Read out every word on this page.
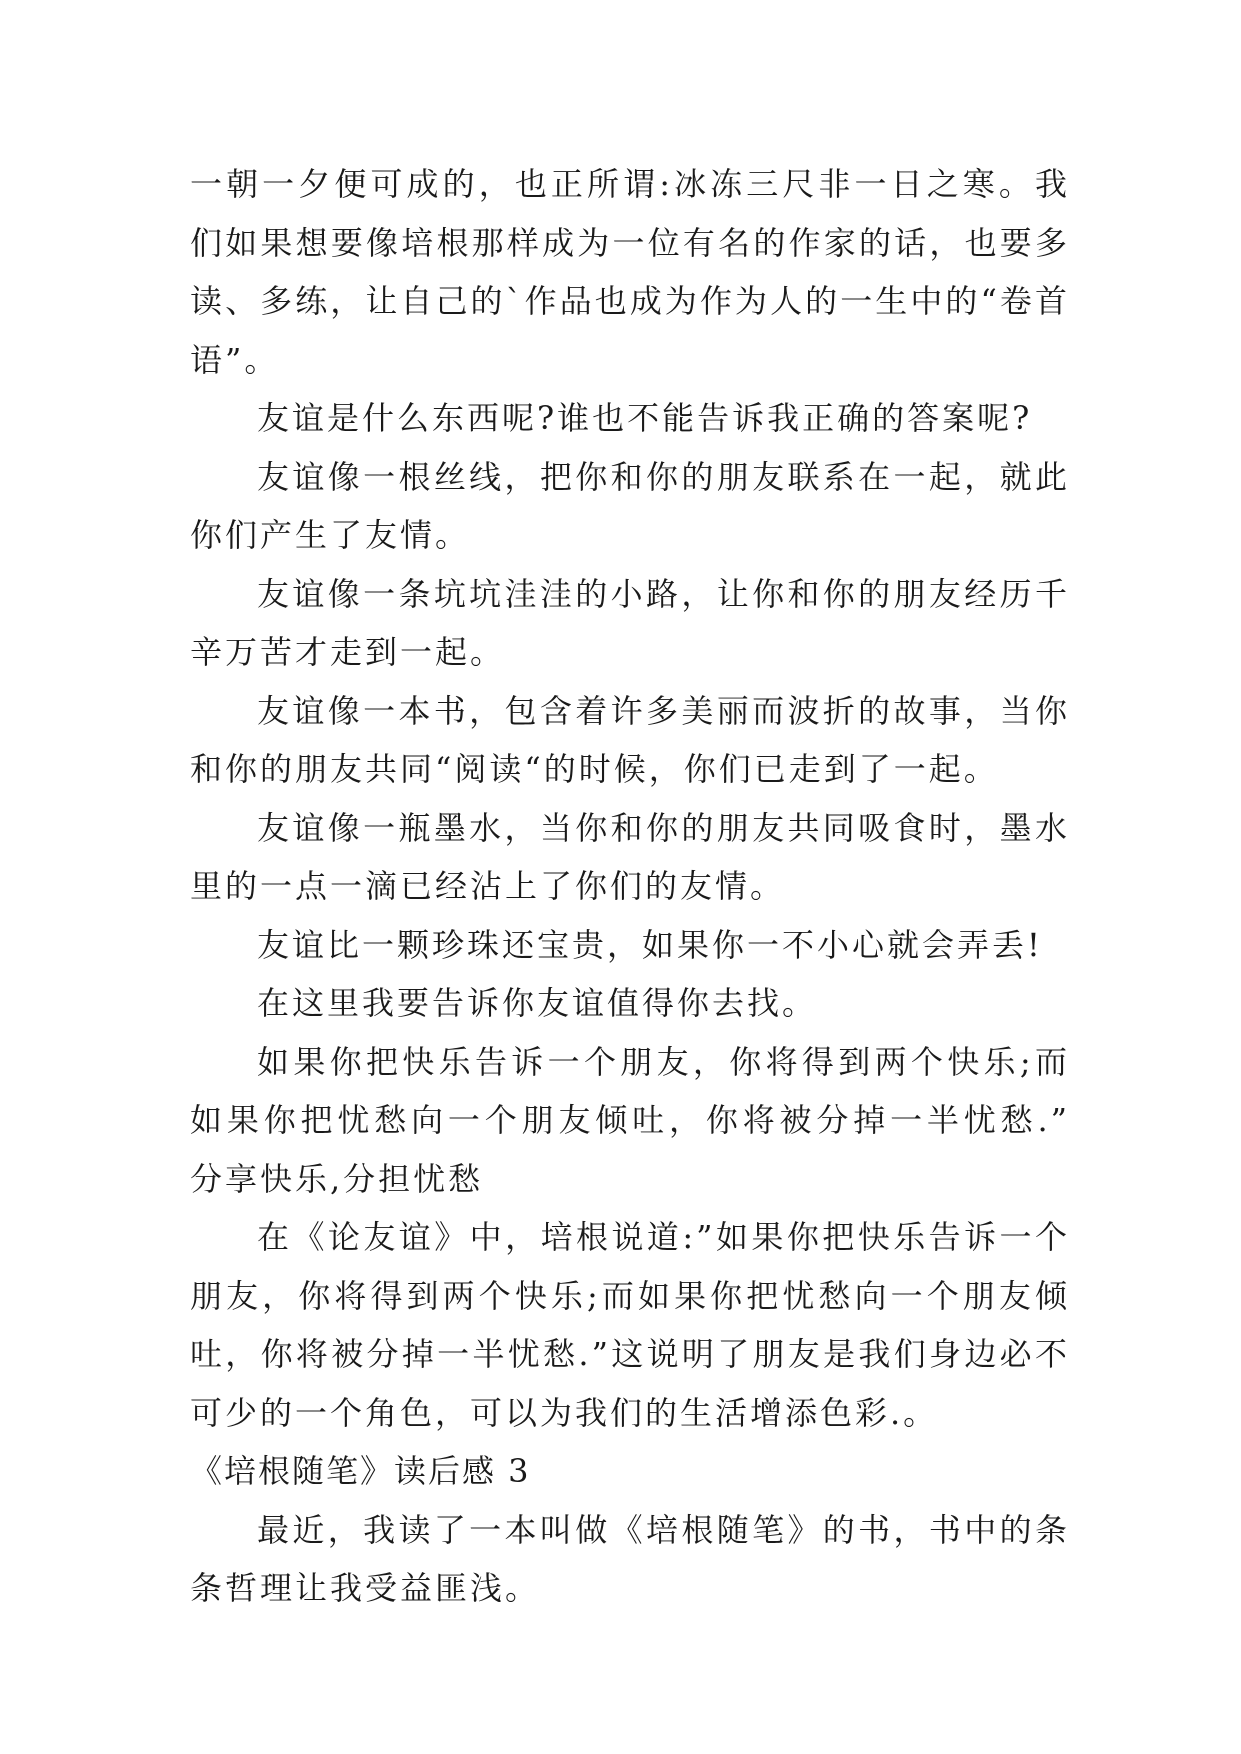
一朝一夕便可成的，也正所谓:冰冻三尺非一日之寒。我们如果想要像培根那样成为一位有名的作家的话，也要多读、多练，让自己的`作品也成为作为人的一生中的“卷首语”。

友谊是什么东西呢?谁也不能告诉我正确的答案呢?

友谊像一根丝线，把你和你的朋友联系在一起，就此你们产生了友情。

友谊像一条坑坑洼洼的小路，让你和你的朋友经历千辛万苦才走到一起。

友谊像一本书，包含着许多美丽而波折的故事，当你和你的朋友共同“阅读“的时候，你们已走到了一起。

友谊像一瓶墨水，当你和你的朋友共同吸食时，墨水里的一点一滴已经沾上了你们的友情。

友谊比一颗珍珠还宝贵，如果你一不小心就会弄丢!

在这里我要告诉你友谊值得你去找。

如果你把快乐告诉一个朋友，你将得到两个快乐;而如果你把忧愁向一个朋友倾吐，你将被分掉一半忧愁.” 分享快乐,分担忧愁

在《论友谊》中，培根说道:”如果你把快乐告诉一个朋友，你将得到两个快乐;而如果你把忧愁向一个朋友倾吐，你将被分掉一半忧愁.”这说明了朋友是我们身边必不可少的一个角色，可以为我们的生活增添色彩.。

《培根随笔》读后感 3

最近，我读了一本叫做《培根随笔》的书，书中的条条哲理让我受益匪浅。
